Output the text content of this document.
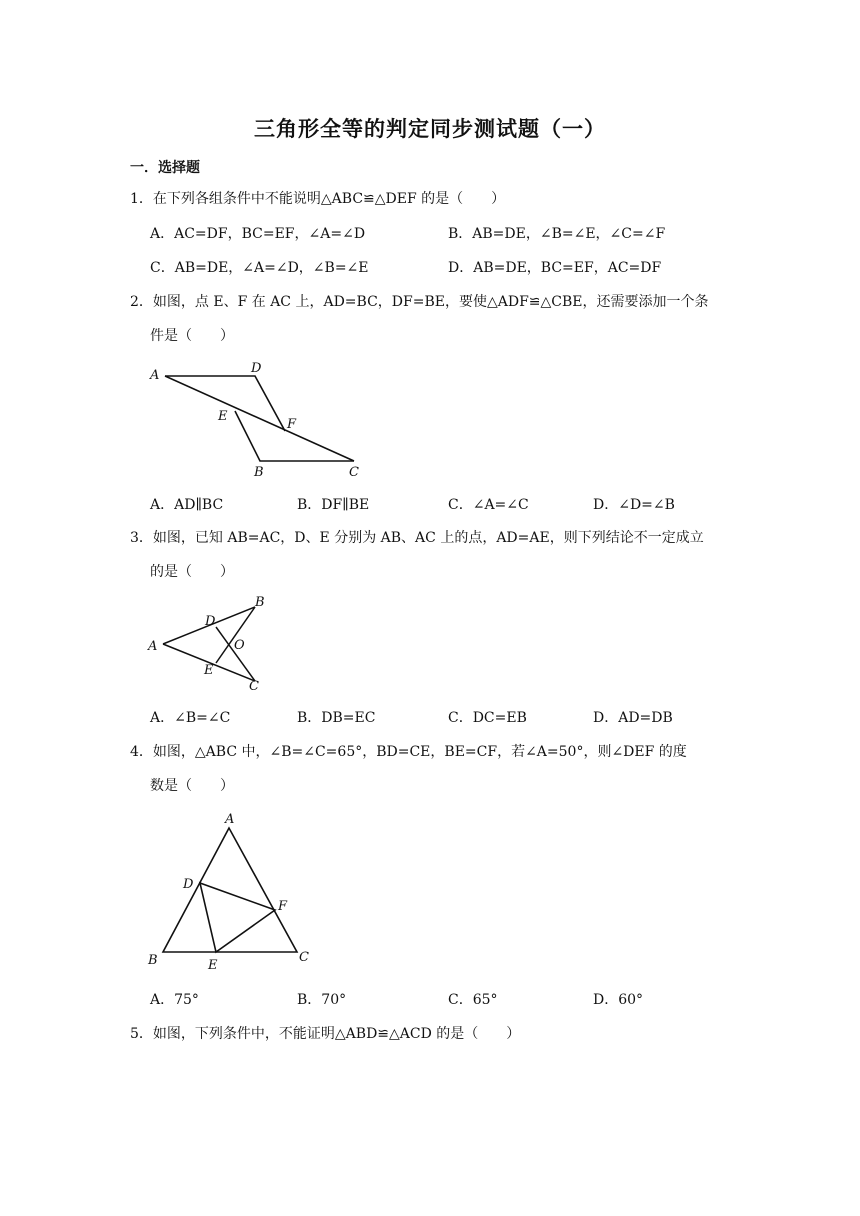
三角形全等的判定同步测试题（一）
一．选择题
1．在下列各组条件中不能说明△ABC≌△DEF 的是（　　）
A．AC=DF，BC=EF，∠A=∠D	B．AB=DE，∠B=∠E，∠C=∠F
C．AB=DE，∠A=∠D，∠B=∠E	D．AB=DE，BC=EF，AC=DF
2．如图，点 E、F 在 AC 上，AD=BC，DF=BE，要使△ADF≌△CBE，还需要添加一个条
件是（　　）
A	D
E
F
B	C
A．AD∥BC	B．DF∥BE	C．∠A=∠C	D．∠D=∠B
3．如图，已知 AB=AC，D、E 分别为 AB、AC 上的点，AD=AE，则下列结论不一定成立
的是（　　）
A
B
D
O
E
C
A．∠B=∠C	B．DB=EC	C．DC=EB	D．AD=DB
4．如图，△ABC 中，∠B=∠C=65°，BD=CE，BE=CF，若∠A=50°，则∠DEF 的度
数是（　　）
A
D
F
B	E
C
A．75°	B．70°	C．65°	D．60°
5．如图，下列条件中，不能证明△ABD≌△ACD 的是（　　）
